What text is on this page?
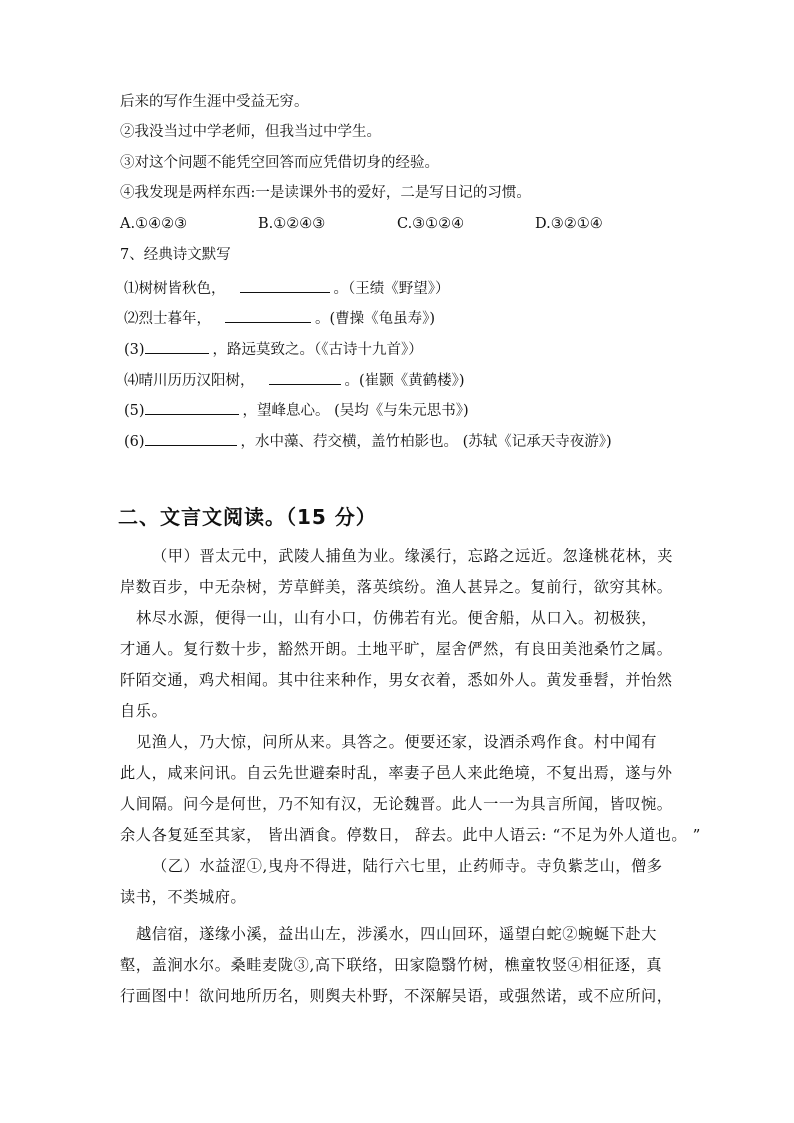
后来的写作生涯中受益无穷。
②我没当过中学老师，但我当过中学生。
③对这个问题不能凭空回答而应凭借切身的经验。
④我发现是两样东西:一是读课外书的爱好，二是写日记的习惯。
A.①④②③	B.①②④③	C.③①②④	D.③②①④
7、经典诗文默写
⑴树树皆秋色，	。（王绩《野望》）
⑵烈士暮年，	。(曹操《龟虽寿》)
(3)	，路远莫致之。（《古诗十九首》）
⑷晴川历历汉阳树，	。(崔颢《黄鹤楼》)
(5)	，望峰息心。 (吴均《与朱元思书》)
(6)	，水中藻、荇交横，盖竹柏影也。 (苏轼《记承天寺夜游》)
二、文言文阅读。（15 分）
（甲）晋太元中，武陵人捕鱼为业。缘溪行，忘路之远近。忽逢桃花林，夹
岸数百步，中无杂树，芳草鲜美，落英缤纷。渔人甚异之。复前行，欲穷其林。
林尽水源，便得一山，山有小口，仿佛若有光。便舍船，从口入。初极狭，
才通人。复行数十步，豁然开朗。土地平旷，屋舍俨然，有良田美池桑竹之属。
阡陌交通，鸡犬相闻。其中往来种作，男女衣着，悉如外人。黄发垂髫，并怡然
自乐。
见渔人，乃大惊，问所从来。具答之。便要还家，设酒杀鸡作食。村中闻有
此人，咸来问讯。自云先世避秦时乱，率妻子邑人来此绝境，不复出焉，遂与外
人间隔。问今是何世，乃不知有汉，无论魏晋。此人一一为具言所闻，皆叹惋。
余人各复延至其家， 皆出酒食。停数日， 辞去。此中人语云: “不足为外人道也。 ”
（乙）水益涩①,曳舟不得进，陆行六七里，止药师寺。寺负紫芝山，僧多
读书，不类城府。
越信宿，遂缘小溪，益出山左，涉溪水，四山回环，遥望白蛇②蜿蜒下赴大
壑，盖涧水尔。桑畦麦陇③,高下联络，田家隐翳竹树，樵童牧竖④相征逐，真
行画图中！欲问地所历名，则舆夫朴野，不深解吴语，或强然诺，或不应所问，
